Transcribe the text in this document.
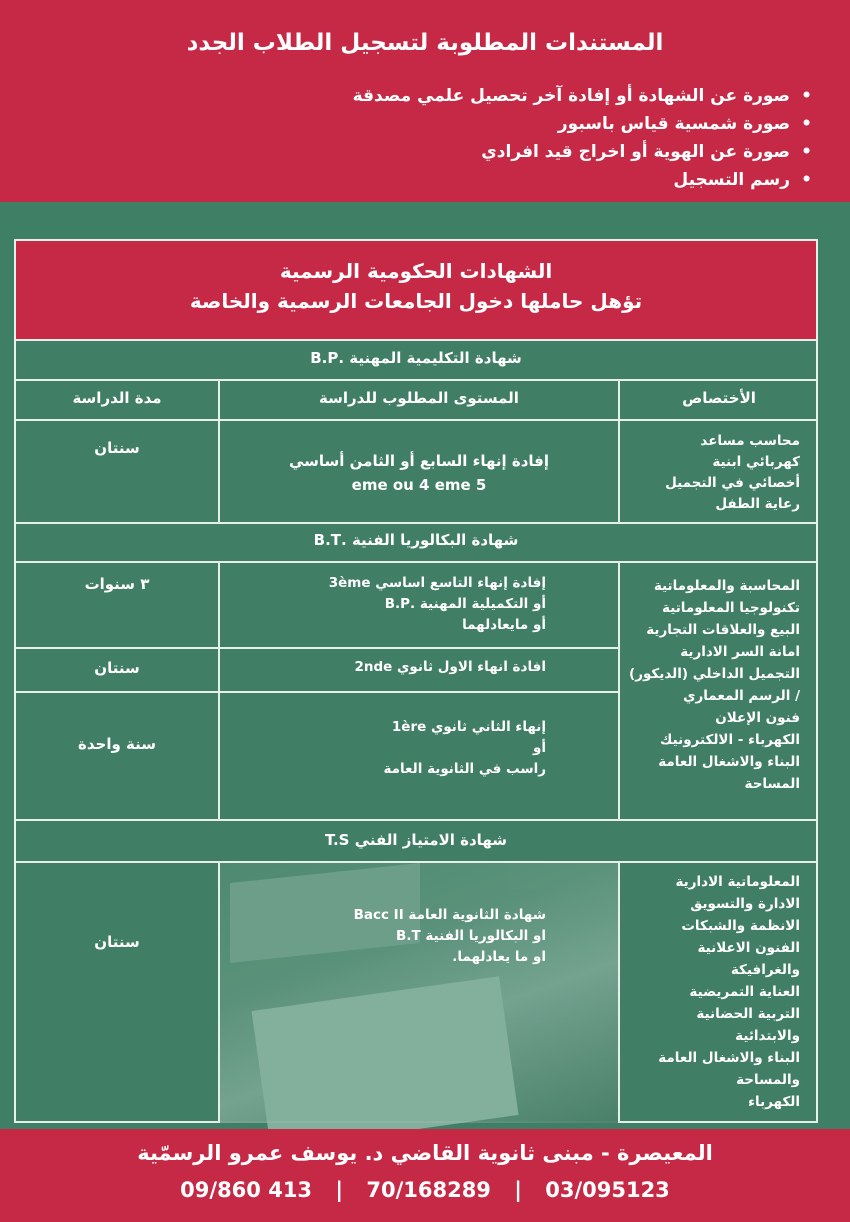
المستندات المطلوبة لتسجيل الطلاب الجدد
• صورة عن الشهادة أو إفادة آخر تحصيل علمي مصدقة
• صورة شمسية قياس باسبور
• صورة عن الهوية أو اخراج قيد افرادي
• رسم التسجيل
الشهادات الحكومية الرسمية
تؤهل حاملها دخول الجامعات الرسمية والخاصة
شهادة التكليمية المهنية .B.P
الأختصاص
المستوى المطلوب للدراسة
مدة الدراسة
محاسب مساعد
كهربائي ابنية
أخصائي في التجميل
رعاية الطفل
إفادة إنهاء السابع أو الثامن أساسي
5 eme ou 4 eme
سنتان
شهادة البكالوريا الفنية .B.T
المحاسبة والمعلوماتية
تكنولوجيا المعلوماتية
البيع والعلاقات التجارية
امانة السر الادارية
التجميل الداخلي (الديكور)
/ الرسم المعماري
فنون الإعلان
الكهرباء - الالكترونيك
البناء والاشغال العامة
المساحة
إفادة إنهاء التاسع اساسي 3ème
أو التكميلية المهنية .B.P
أو مايعادلهما
٣ سنوات
افادة انهاء الاول ثانوي 2nde
سنتان
إنهاء الثاني ثانوي 1ère
أو
راسب في الثانوية العامة
سنة واحدة
شهادة الامتياز الفني T.S
المعلوماتية الادارية
الادارة والتسويق
الانظمة والشبكات
الفنون الاعلانية
والغرافيكة
العناية التمريضية
التربية الحضانية
والابتدائية
البناء والاشغال العامة
والمساحة
الكهرباء
شهادة الثانوية العامة Bacc II
او البكالوريا الفنية B.T
او ما يعادلهما.
سنتان
المعيصرة - مبنى ثانوية القاضي د. يوسف عمرو الرسمّية
09/860 413 | 70/168289 | 03/095123
